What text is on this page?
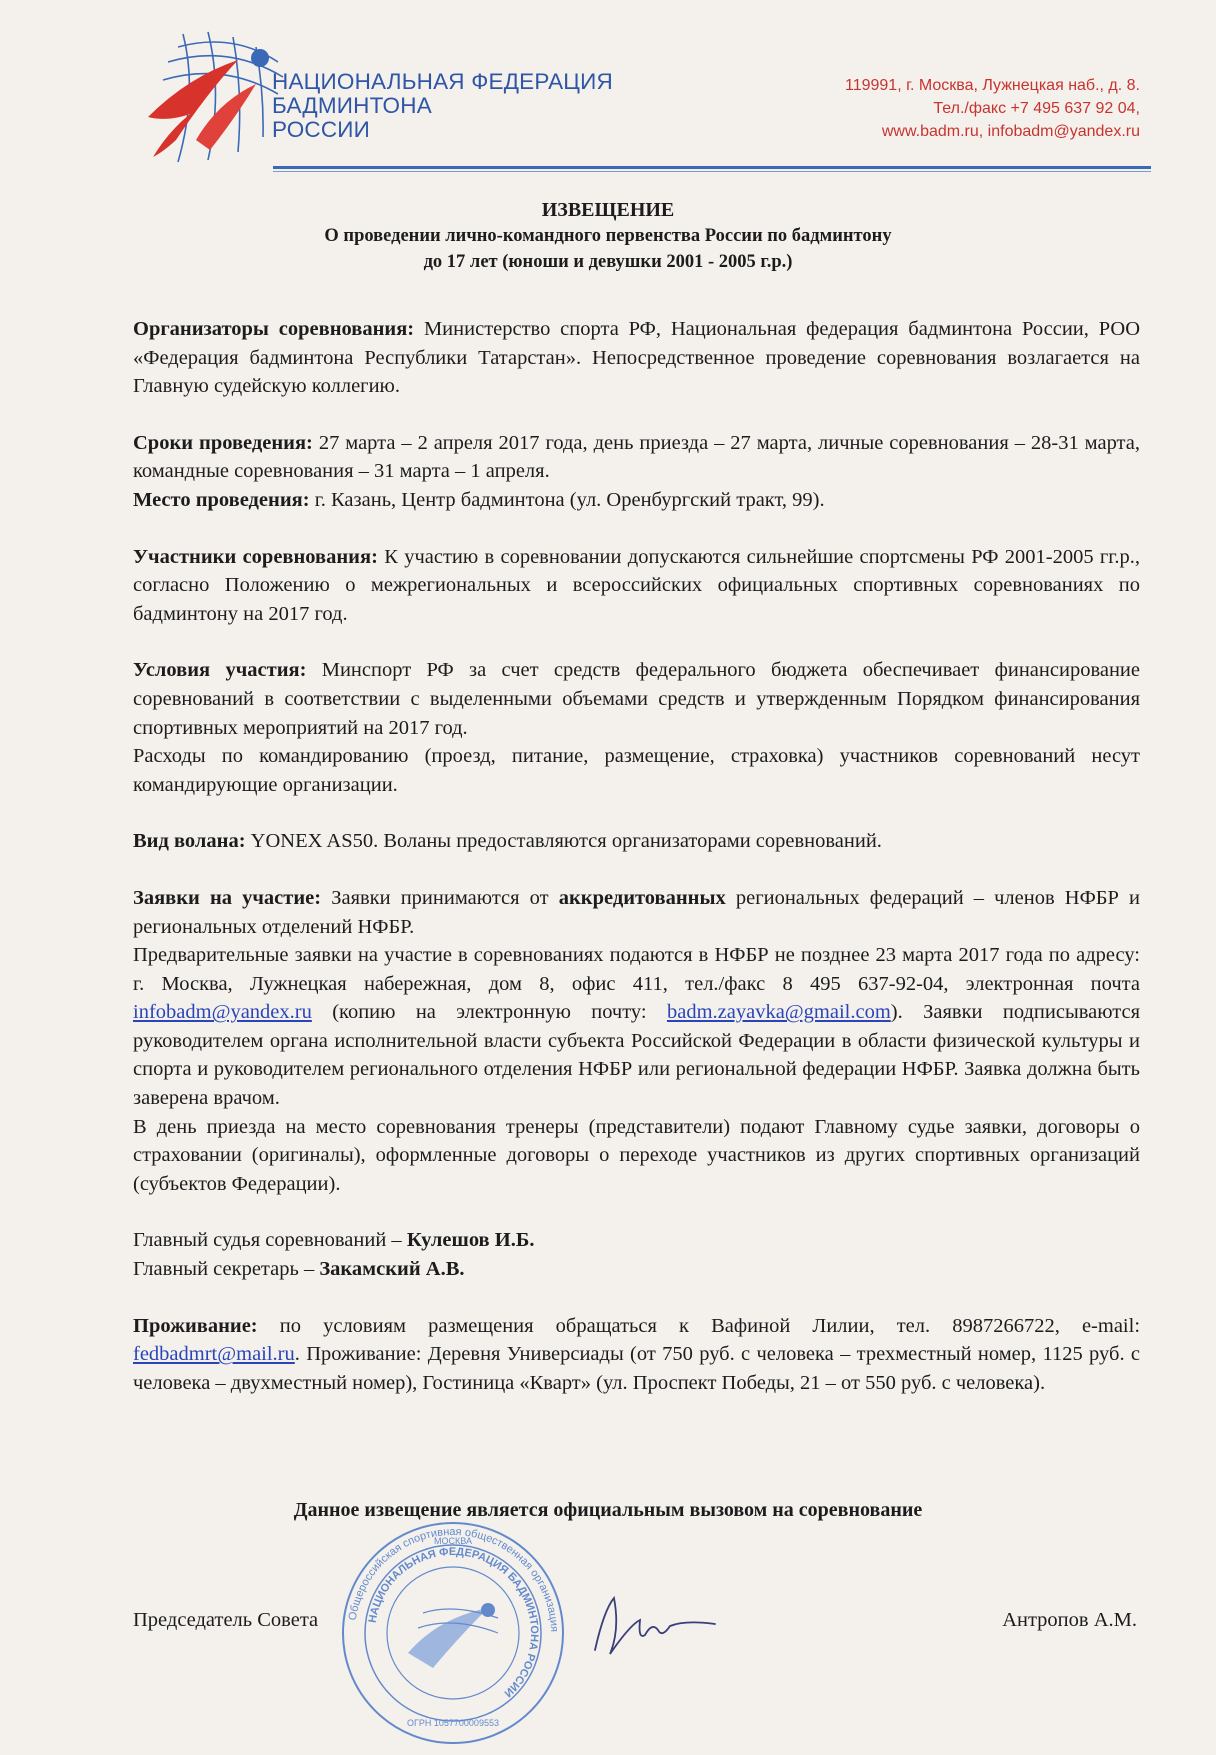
НАЦИОНАЛЬНАЯ ФЕДЕРАЦИЯ
БАДМИНТОНА
РОССИИ
119991, г. Москва, Лужнецкая наб., д. 8.
Тел./факс +7 495 637 92 04,
www.badm.ru, infobadm@yandex.ru
ИЗВЕЩЕНИЕ
О проведении лично-командного первенства России по бадминтону
до 17 лет (юноши и девушки 2001 - 2005 г.р.)

Организаторы соревнования: Министерство спорта РФ, Национальная федерация бадминтона России, РОО «Федерация бадминтона Республики Татарстан». Непосредственное проведение соревнования возлагается на Главную судейскую коллегию.

Сроки проведения: 27 марта – 2 апреля 2017 года, день приезда – 27 марта, личные соревнования – 28-31 марта, командные соревнования – 31 марта – 1 апреля.

Место проведения: г. Казань, Центр бадминтона (ул. Оренбургский тракт, 99).

Участники соревнования: К участию в соревновании допускаются сильнейшие спортсмены РФ 2001-2005 гг.р., согласно Положению о межрегиональных и всероссийских официальных спортивных соревнованиях по бадминтону на 2017 год.

Условия участия: Минспорт РФ за счет средств федерального бюджета обеспечивает финансирование соревнований в соответствии с выделенными объемами средств и утвержденным Порядком финансирования спортивных мероприятий на 2017 год.

Расходы по командированию (проезд, питание, размещение, страховка) участников соревнований несут командирующие организации.

Вид волана: YONEX AS50. Воланы предоставляются организаторами соревнований.

Заявки на участие: Заявки принимаются от аккредитованных региональных федераций – членов НФБР и региональных отделений НФБР.

Предварительные заявки на участие в соревнованиях подаются в НФБР не позднее 23 марта 2017 года по адресу: г. Москва, Лужнецкая набережная, дом 8, офис 411, тел./факс 8 495 637-92-04, электронная почта infobadm@yandex.ru (копию на электронную почту: badm.zayavka@gmail.com). Заявки подписываются руководителем органа исполнительной власти субъекта Российской Федерации в области физической культуры и спорта и руководителем регионального отделения НФБР или региональной федерации НФБР. Заявка должна быть заверена врачом.

В день приезда на место соревнования тренеры (представители) подают Главному судье заявки, договоры о страховании (оригиналы), оформленные договоры о переходе участников из других спортивных организаций (субъектов Федерации).

Главный судья соревнований – Кулешов И.Б.

Главный секретарь – Закамский А.В.

Проживание: по условиям размещения обращаться к Вафиной Лилии, тел. 8987266722, e-mail: fedbadmrt@mail.ru. Проживание: Деревня Универсиады (от 750 руб. с человека – трехместный номер, 1125 руб. с человека – двухместный номер), Гостиница «Кварт» (ул. Проспект Победы, 21 – от 550 руб. с человека).

Данное извещение является официальным вызовом на соревнование
Общероссийская спортивная общественная организация
НАЦИОНАЛЬНАЯ ФЕДЕРАЦИЯ БАДМИНТОНА РОССИИ
ОГРН 1057700009553
МОСКВА
Председатель Совета	Антропов А.М.
